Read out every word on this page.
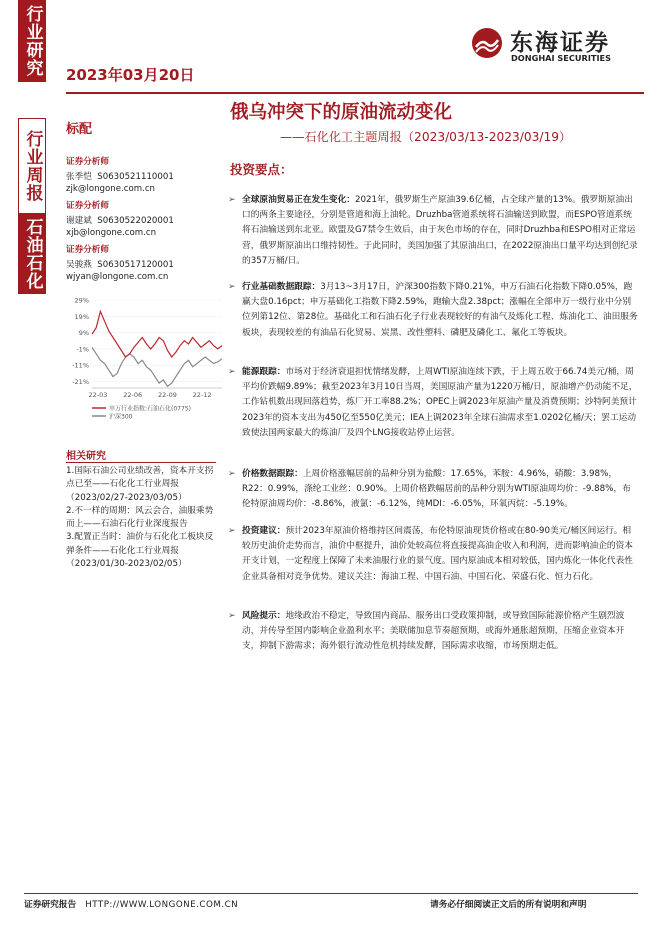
行业研究
行业周报
石油石化
2023年03月20日
东海证券
DONGHAI SECURITIES
俄乌冲突下的原油流动变化
——石化化工主题周报（2023/03/13-2023/03/19）
标配
证券分析师
张季恺 S0630521110001
zjk@longone.com.cn
证券分析师
谢建斌 S0630522020001
xjb@longone.com.cn
证券分析师
吴骏燕 S0630517120001
wjyan@longone.com.cn
29%
19%
9%
-1%
-11%
-21%
22-03 22-06 22-09 22-12
申万行业指数:石油石化(0775)
沪深300
相关研究
1.国际石油公司业绩改善，资本开支拐点已至——石化化工行业周报（2023/02/27-2023/03/05）
2.不一样的周期：风云会合，油服乘势而上——石油石化行业深度报告
3.配置正当时：油价与石化化工板块反弹条件——石化化工行业周报（2023/01/30-2023/02/05）
投资要点：
➢ 全球原油贸易正在发生变化：2021年，俄罗斯生产原油39.6亿桶，占全球产量的13%。俄罗斯原油出口的两条主要途径，分别是管道和海上油轮。Druzhba管道系统将石油输送到欧盟，而ESPO管道系统将石油输送到东北亚。欧盟及G7禁令生效后，由于灰色市场的存在，同时Druzhba和ESPO相对正常运营，俄罗斯原油出口维持韧性。于此同时，美国加强了其原油出口，在2022原油出口量平均达到创纪录的357万桶/日。
➢ 行业基础数据跟踪：3月13~3月17日，沪深300指数下降0.21%，申万石油石化指数下降0.05%，跑赢大盘0.16pct；申万基础化工指数下降2.59%，跑输大盘2.38pct；涨幅在全部申万一级行业中分别位列第12位、第28位。基础化工和石油石化子行业表现较好的有油气及炼化工程、炼油化工、油田服务板块，表现较差的有油品石化贸易、炭黑、改性塑料、磷肥及磷化工、氟化工等板块。
➢ 能源跟踪：市场对于经济衰退担忧情绪发酵，上周WTI原油连续下跌，于上周五收于66.74美元/桶，周平均价跌幅9.89%；截至2023年3月10日当周，美国原油产量为1220万桶/日，原油增产仍动能不足，工作钻机数出现回落趋势，炼厂开工率88.2%；OPEC上调2023年原油产量及消费预期；沙特阿美预计2023年的资本支出为450亿至550亿美元；IEA上调2023年全球石油需求至1.0202亿桶/天；罢工运动致使法国两家最大的炼油厂及四个LNG接收站停止运营。
➢ 价格数据跟踪：上周价格涨幅居前的品种分别为盐酸：17.65%，苯胺：4.96%，硝酸：3.98%，R22：0.99%，涤纶工业丝：0.90%。上周价格跌幅居前的品种分别为WTI原油周均价：-9.88%，布伦特原油周均价：-8.86%，液氯：-6.12%，纯MDI：-6.05%，环氧丙烷：-5.19%。
➢ 投资建议：预计2023年原油价格维持区间震荡，布伦特原油现货价格或在80-90美元/桶区间运行。相较历史油价走势而言，油价中枢提升，油价处较高位将直接提高油企收入和利润，进而影响油企的资本开支计划，一定程度上保障了未来油服行业的景气度。国内原油成本相对较低，国内炼化一体化代表性企业具备相对竞争优势。建议关注：海油工程、中国石油、中国石化、荣盛石化、恒力石化。
➢ 风险提示：地缘政治不稳定，导致国内商品、服务出口受政策抑制，或导致国际能源价格产生剧烈波动，并传导至国内影响企业盈利水平；美联储加息节奏超预期，或海外通胀超预期，压缩企业资本开支，抑制下游需求；海外银行流动性危机持续发酵，国际需求收缩，市场预期走低。
证券研究报告 HTTP://WWW.LONGONE.COM.CN	请务必仔细阅读正文后的所有说明和声明
